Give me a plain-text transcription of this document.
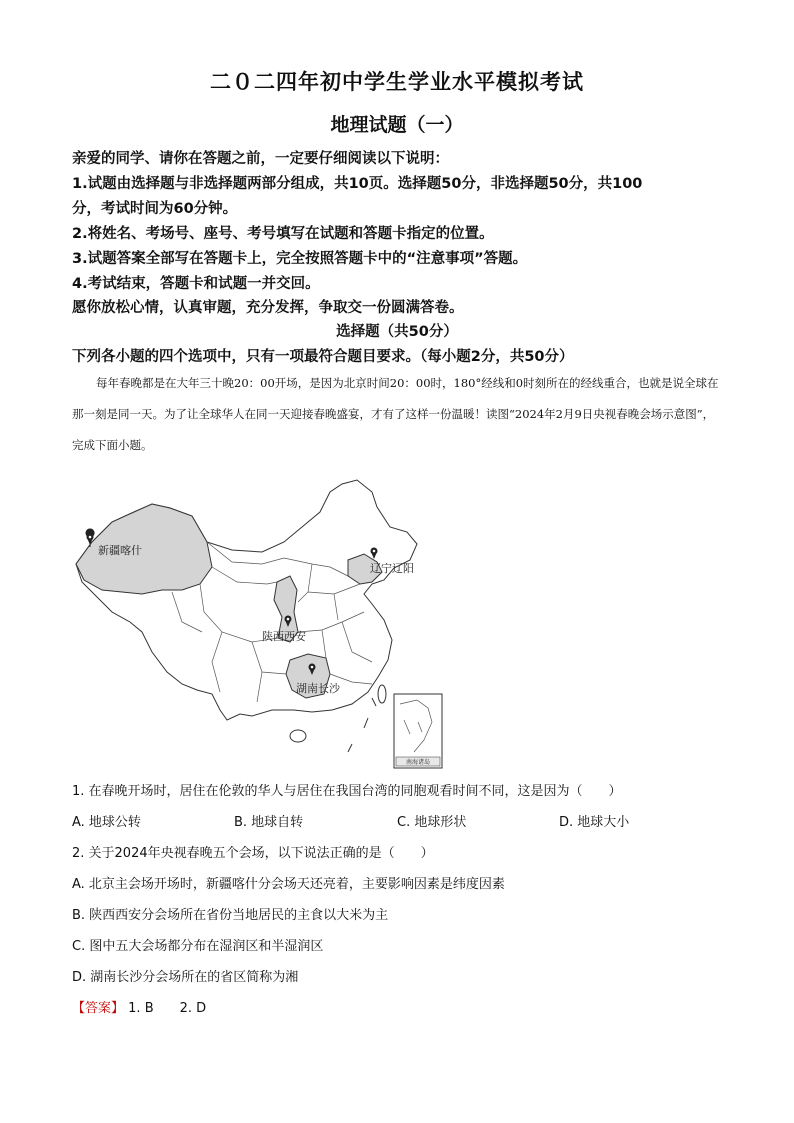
二０二四年初中学生学业水平模拟考试
地理试题（一）
亲爱的同学、请你在答题之前，一定要仔细阅读以下说明：
1.试题由选择题与非选择题两部分组成，共10页。选择题50分，非选择题50分，共100
分，考试时间为60分钟。
2.将姓名、考场号、座号、考号填写在试题和答题卡指定的位置。
3.试题答案全部写在答题卡上，完全按照答题卡中的“注意事项”答题。
4.考试结束，答题卡和试题一并交回。
愿你放松心情，认真审题，充分发挥，争取交一份圆满答卷。
选择题（共50分）
下列各小题的四个选项中，只有一项最符合题目要求。（每小题2分，共50分）
每年春晚都是在大年三十晚20：00开场，是因为北京时间20：00时，180°经线和0时刻所在的经线重合，也就是说全球在那一刻是同一天。为了让全球华人在同一天迎接春晚盛宴，才有了这样一份温暖！读图“2024年2月9日央视春晚会场示意图”，完成下面小题。
南海诸岛
新疆喀什
辽宁辽阳
陕西西安
湖南长沙
1. 在春晚开场时，居住在伦敦的华人与居住在我国台湾的同胞观看时间不同，这是因为（　　）
A. 地球公转	B. 地球自转	C. 地球形状	D. 地球大小
2. 关于2024年央视春晚五个会场，以下说法正确的是（　　）
A. 北京主会场开场时，新疆喀什分会场天还亮着，主要影响因素是纬度因素
B. 陕西西安分会场所在省份当地居民的主食以大米为主
C. 图中五大会场都分布在湿润区和半湿润区
D. 湖南长沙分会场所在的省区简称为湘
【答案】 1. B　　2. D
